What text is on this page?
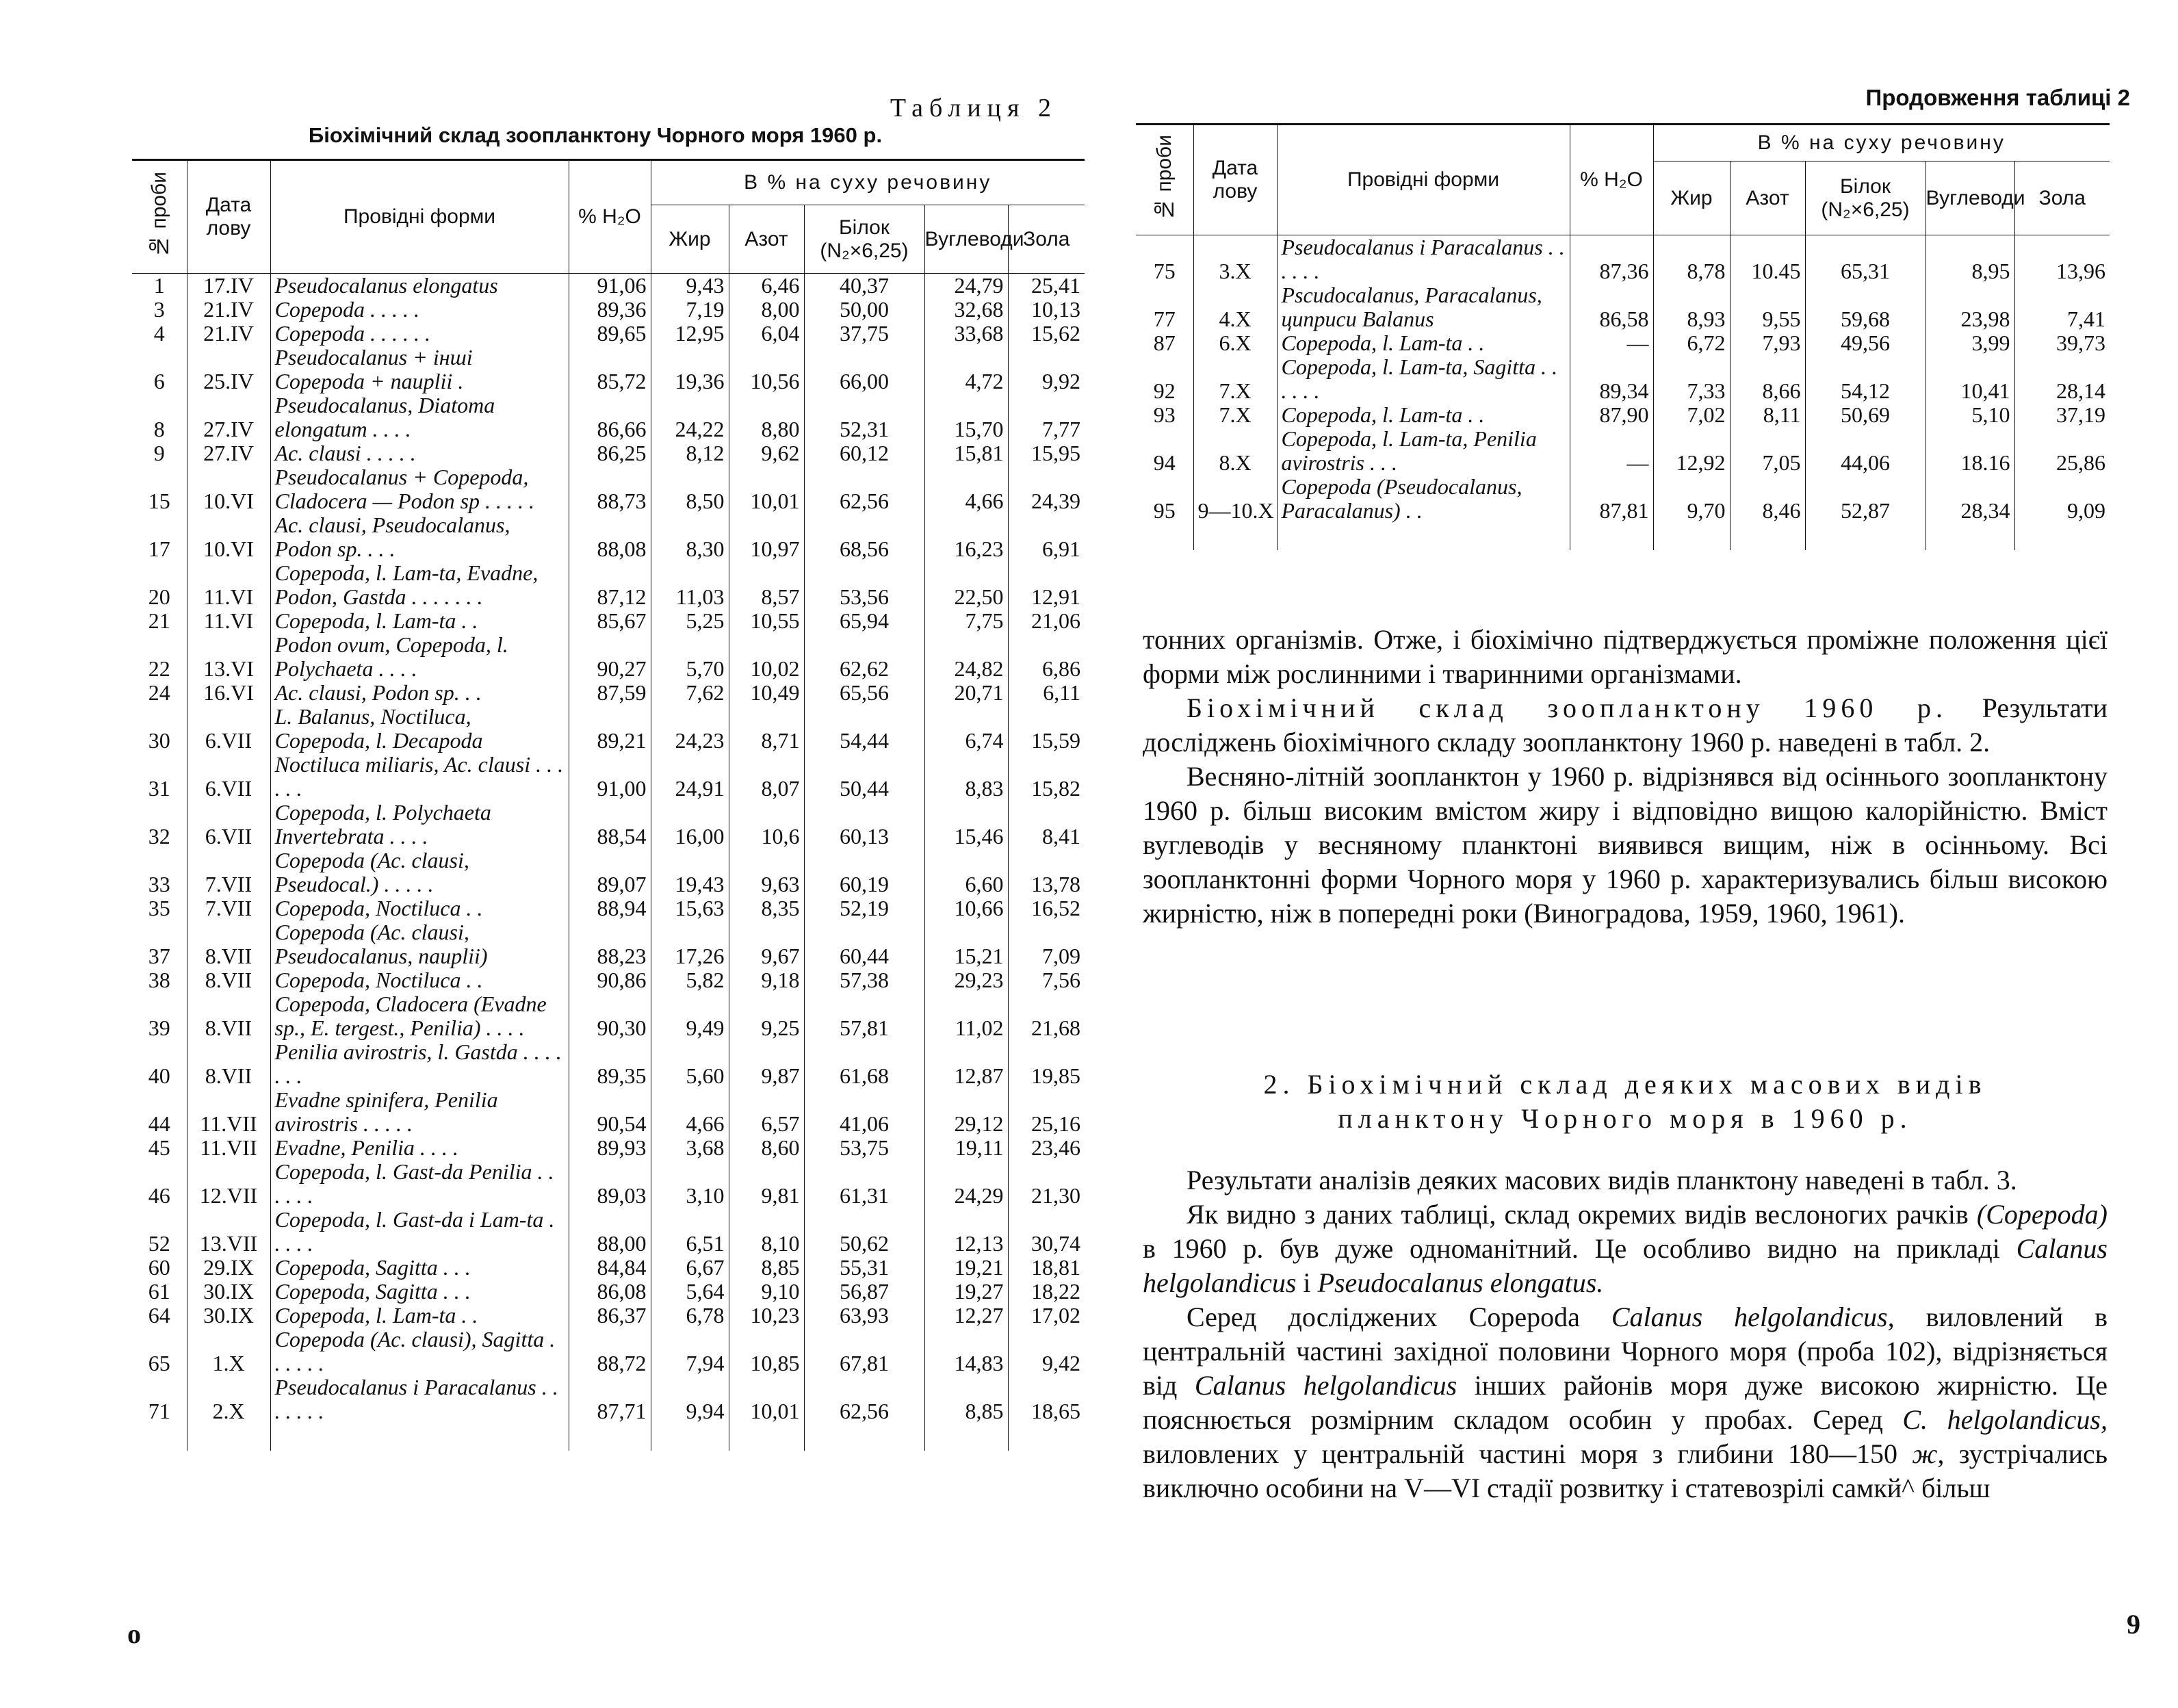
Таблиця 2
Біохімічний склад зоопланктону Чорного моря 1960 р.
№ проби	Дата лову	Провідні форми	% H₂O	В % на суху речовину				
				Жир	Азот	Білок (N₂×6,25)	Вуглеводи	Зола
1	17.IV	Pseudocalanus elongatus	91,06	9,43	6,46	40,37	24,79	25,41
3	21.IV	Copepoda . . . . .	89,36	7,19	8,00	50,00	32,68	10,13
4	21.IV	Copepoda . . . . . .	89,65	12,95	6,04	37,75	33,68	15,62
6	25.IV	Pseudocalanus + інші Copepoda + nauplii .	85,72	19,36	10,56	66,00	4,72	9,92
8	27.IV	Pseudocalanus, Diatoma elongatum . . . .	86,66	24,22	8,80	52,31	15,70	7,77
9	27.IV	Ac. clausi . . . . .	86,25	8,12	9,62	60,12	15,81	15,95
15	10.VI	Pseudocalanus + Copepoda, Cladocera — Podon sp . . . . .	88,73	8,50	10,01	62,56	4,66	24,39
17	10.VI	Ac. clausi, Pseudocalanus, Podon sp. . . .	88,08	8,30	10,97	68,56	16,23	6,91
20	11.VI	Copepoda, l. Lam-ta, Evadne, Podon, Gastda . . . . . . .	87,12	11,03	8,57	53,56	22,50	12,91
21	11.VI	Copepoda, l. Lam-ta . .	85,67	5,25	10,55	65,94	7,75	21,06
22	13.VI	Podon ovum, Copepoda, l. Polychaeta . . . .	90,27	5,70	10,02	62,62	24,82	6,86
24	16.VI	Ac. clausi, Podon sp. . .	87,59	7,62	10,49	65,56	20,71	6,11
30	6.VII	L. Balanus, Noctiluca, Copepoda, l. Decapoda	89,21	24,23	8,71	54,44	6,74	15,59
31	6.VII	Noctiluca miliaris, Ac. clausi . . . . . .	91,00	24,91	8,07	50,44	8,83	15,82
32	6.VII	Copepoda, l. Polychaeta Invertebrata . . . .	88,54	16,00	10,6	60,13	15,46	8,41
33	7.VII	Copepoda (Ac. clausi, Pseudocal.) . . . . .	89,07	19,43	9,63	60,19	6,60	13,78
35	7.VII	Copepoda, Noctiluca . .	88,94	15,63	8,35	52,19	10,66	16,52
37	8.VII	Copepoda (Ac. clausi, Pseudocalanus, nauplii)	88,23	17,26	9,67	60,44	15,21	7,09
38	8.VII	Copepoda, Noctiluca . .	90,86	5,82	9,18	57,38	29,23	7,56
39	8.VII	Copepoda, Cladocera (Evadne sp., E. tergest., Penilia) . . . .	90,30	9,49	9,25	57,81	11,02	21,68
40	8.VII	Penilia avirostris, l. Gastda . . . . . . .	89,35	5,60	9,87	61,68	12,87	19,85
44	11.VII	Evadne spinifera, Penilia avirostris . . . . .	90,54	4,66	6,57	41,06	29,12	25,16
45	11.VII	Evadne, Penilia . . . .	89,93	3,68	8,60	53,75	19,11	23,46
46	12.VII	Copepoda, l. Gast-da Penilia . . . . . .	89,03	3,10	9,81	61,31	24,29	21,30
52	13.VII	Copepoda, l. Gast-da i Lam-ta . . . . .	88,00	6,51	8,10	50,62	12,13	30,74
60	29.IX	Copepoda, Sagitta . . .	84,84	6,67	8,85	55,31	19,21	18,81
61	30.IX	Copepoda, Sagitta . . .	86,08	5,64	9,10	56,87	19,27	18,22
64	30.IX	Copepoda, l. Lam-ta . .	86,37	6,78	10,23	63,93	12,27	17,02
65	1.X	Copepoda (Ac. clausi), Sagitta . . . . . .	88,72	7,94	10,85	67,81	14,83	9,42
71	2.X	Pseudocalanus i Paracalanus . . . . . . .	87,71	9,94	10,01	62,56	8,85	18,65

o
Продовження таблиці 2
№ проби	Дата лову	Провідні форми	% H₂O	В % на суху речовину				
				Жир	Азот	Білок (N₂×6,25)	Вуглеводи	Зола
75	3.X	Pseudocalanus i Paracalanus . . . . . .	87,36	8,78	10.45	65,31	8,95	13,96
77	4.X	Pscudocalanus, Paracalanus, циприси Balanus	86,58	8,93	9,55	59,68	23,98	7,41
87	6.X	Copepoda, l. Lam-ta . .	—	6,72	7,93	49,56	3,99	39,73
92	7.X	Copepoda, l. Lam-ta, Sagitta . . . . . .	89,34	7,33	8,66	54,12	10,41	28,14
93	7.X	Copepoda, l. Lam-ta . .	87,90	7,02	8,11	50,69	5,10	37,19
94	8.X	Copepoda, l. Lam-ta, Penilia avirostris . . .	—	12,92	7,05	44,06	18.16	25,86
95	9—10.X	Copepoda (Pseudocalanus, Paracalanus) . .	87,81	9,70	8,46	52,87	28,34	9,09

тонних організмів. Отже, і біохімічно підтверджується проміжне положення цієї форми між рослинними і тваринними організмами.

Біохімічний склад зоопланктону 1960 р. Результати досліджень біохімічного складу зоопланктону 1960 р. наведені в табл. 2.

Весняно-літній зоопланктон у 1960 р. відрізнявся від осіннього зоопланктону 1960 р. більш високим вмістом жиру і відповідно вищою калорійністю. Вміст вуглеводів у весняному планктоні виявився вищим, ніж в осінньому. Всі зоопланктонні форми Чорного моря у 1960 р. характеризувались більш високою жирністю, ніж в попередні роки (Виноградова, 1959, 1960, 1961).

2. Біохімічний склад деяких масових видів
планктону Чорного моря в 1960 р.

Результати аналізів деяких масових видів планктону наведені в табл. 3.

Як видно з даних таблиці, склад окремих видів веслоногих рачків (Copepoda) в 1960 р. був дуже одноманітний. Це особливо видно на прикладі Calanus helgolandicus і Pseudocalanus elongatus.

Серед досліджених Copepoda Calanus helgolandicus, виловлений в центральній частині західної половини Чорного моря (проба 102), відрізняється від Calanus helgolandicus інших районів моря дуже високою жирністю. Це пояснюється розмірним складом особин у пробах. Серед C. helgolandicus, виловлених у центральній частині моря з глибини 180—150 ж, зустрічались виключно особини на V—VI стадії розвитку і статевозрілі самкй^ більш

9
